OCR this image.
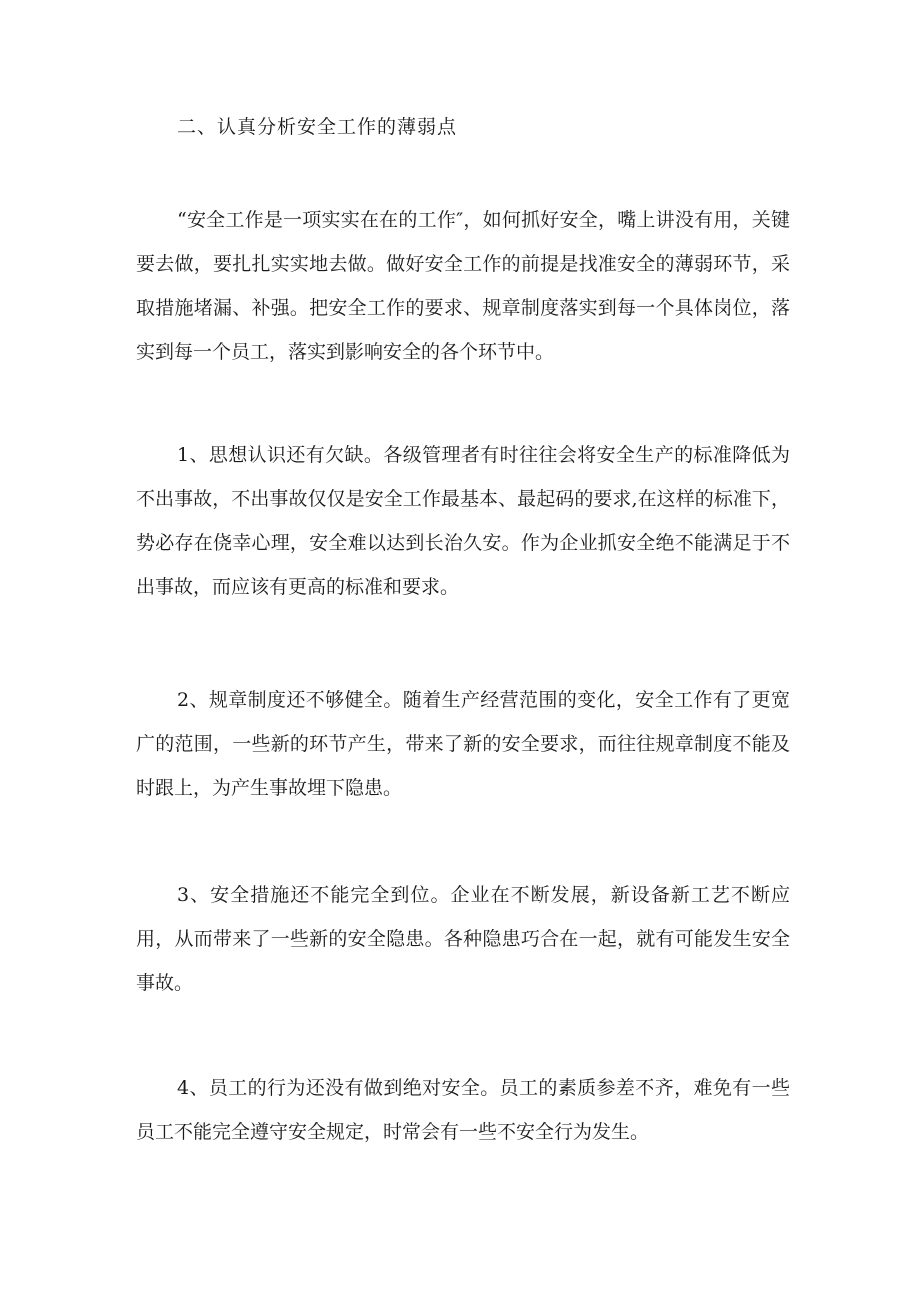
二、认真分析安全工作的薄弱点

“安全工作是一项实实在在的工作″，如何抓好安全，嘴上讲没有用，关键要去做，要扎扎实实地去做。做好安全工作的前提是找准安全的薄弱环节，采取措施堵漏、补强。把安全工作的要求、规章制度落实到每一个具体岗位，落实到每一个员工，落实到影响安全的各个环节中。

1、思想认识还有欠缺。各级管理者有时往往会将安全生产的标准降低为不出事故，不出事故仅仅是安全工作最基本、最起码的要求,在这样的标准下，势必存在侥幸心理，安全难以达到长治久安。作为企业抓安全绝不能满足于不出事故，而应该有更高的标准和要求。

2、规章制度还不够健全。随着生产经营范围的变化，安全工作有了更宽广的范围，一些新的环节产生，带来了新的安全要求，而往往规章制度不能及时跟上，为产生事故埋下隐患。

3、安全措施还不能完全到位。企业在不断发展，新设备新工艺不断应用，从而带来了一些新的安全隐患。各种隐患巧合在一起，就有可能发生安全事故。

4、员工的行为还没有做到绝对安全。员工的素质参差不齐，难免有一些员工不能完全遵守安全规定，时常会有一些不安全行为发生。
